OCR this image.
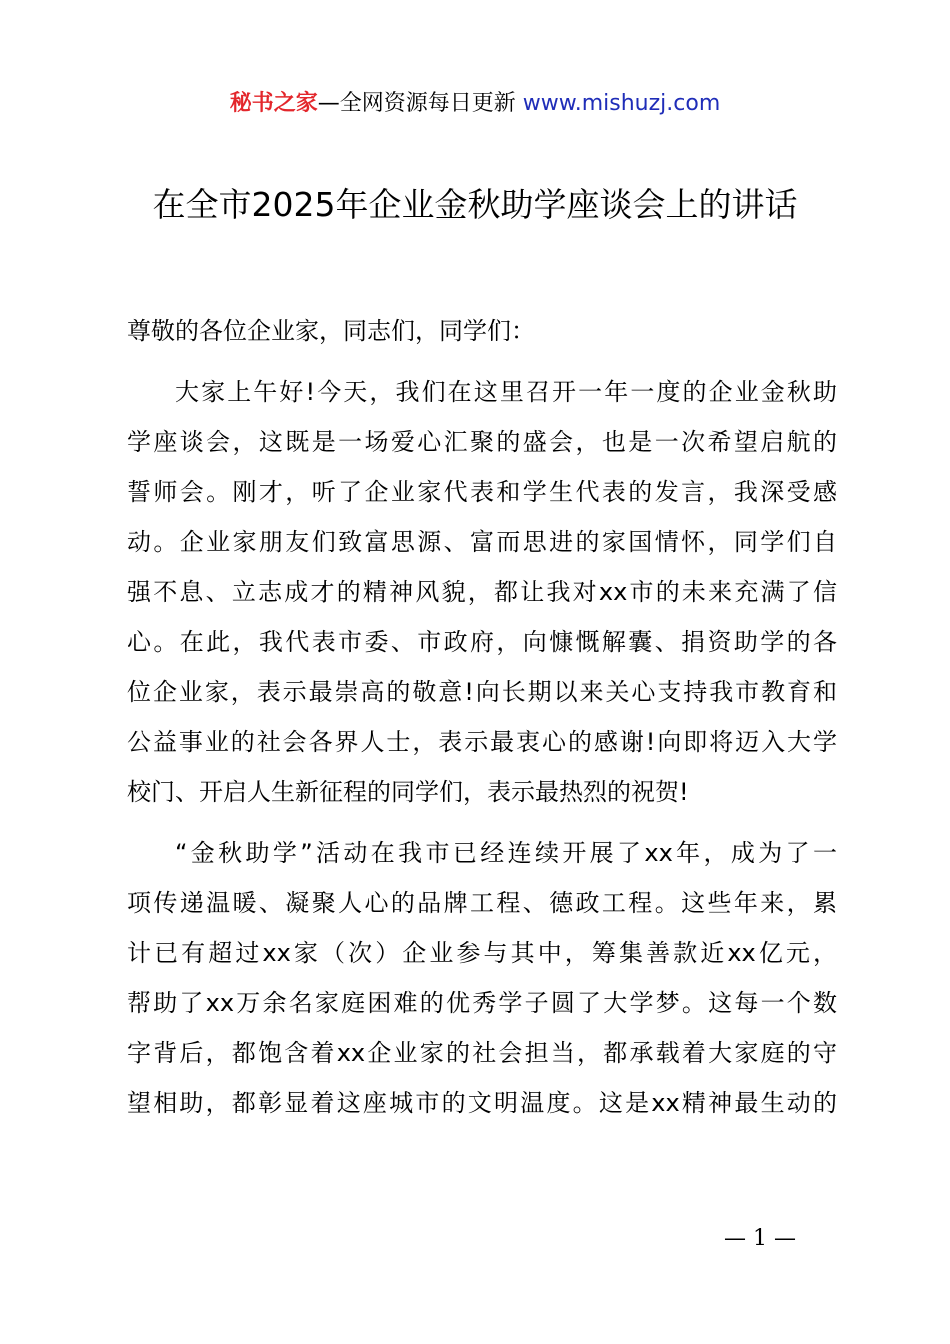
秘书之家—全网资源每日更新 www.mishuzj.com
在全市2025年企业金秋助学座谈会上的讲话

尊敬的各位企业家，同志们，同学们：

大家上午好!今天，我们在这里召开一年一度的企业金秋助
学座谈会，这既是一场爱心汇聚的盛会，也是一次希望启航的
誓师会。刚才，听了企业家代表和学生代表的发言，我深受感
动。企业家朋友们致富思源、富而思进的家国情怀，同学们自
强不息、立志成才的精神风貌，都让我对xx市的未来充满了信
心。在此，我代表市委、市政府，向慷慨解囊、捐资助学的各
位企业家，表示最崇高的敬意!向长期以来关心支持我市教育和
公益事业的社会各界人士，表示最衷心的感谢!向即将迈入大学
校门、开启人生新征程的同学们，表示最热烈的祝贺!
“金秋助学”活动在我市已经连续开展了xx年，成为了一
项传递温暖、凝聚人心的品牌工程、德政工程。这些年来，累
计已有超过xx家（次）企业参与其中，筹集善款近xx亿元，
帮助了xx万余名家庭困难的优秀学子圆了大学梦。这每一个数
字背后，都饱含着xx企业家的社会担当，都承载着大家庭的守
望相助，都彰显着这座城市的文明温度。这是xx精神最生动的
— 1 —
